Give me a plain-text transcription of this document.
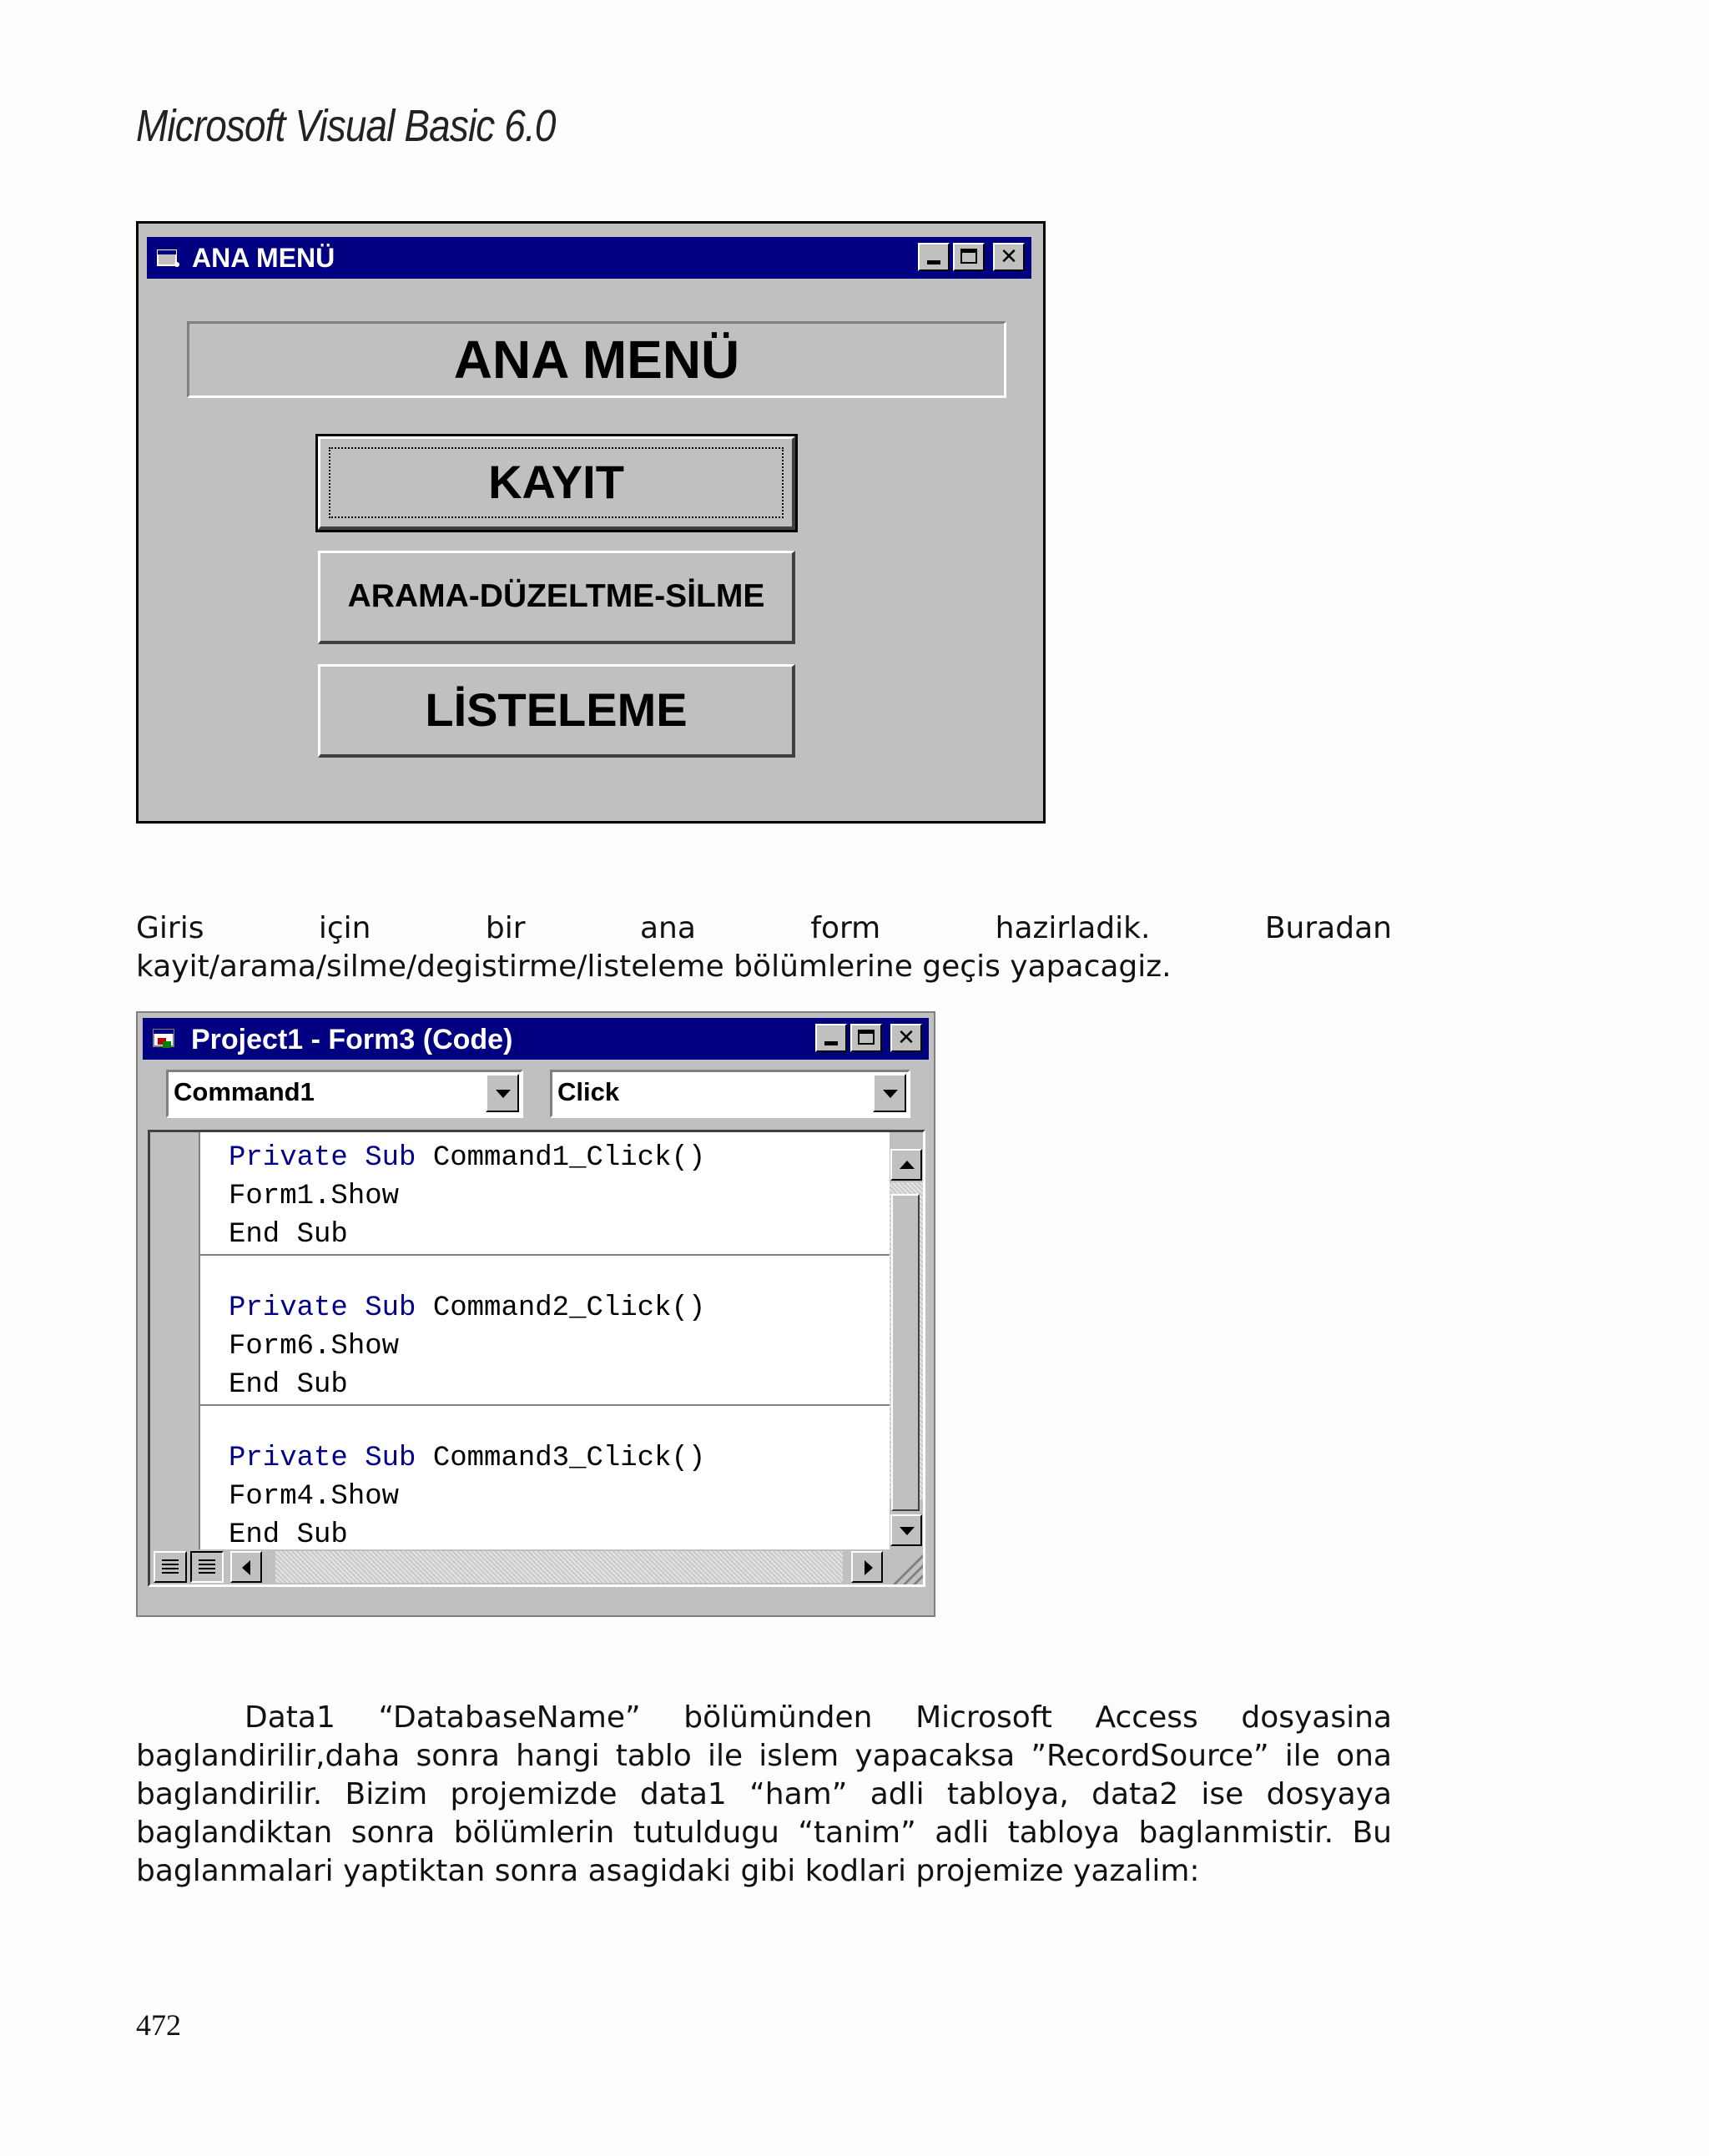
Microsoft Visual Basic 6.0
ANA MENÜ	✕
ANA MENÜ
KAYIT
ARAMA-DÜZELTME-SİLME
LİSTELEME
Giris	için	bir	ana	form	hazirladik.	Buradan
kayit/arama/silme/degistirme/listeleme bölümlerine geçis yapacagiz.
Project1 - Form3 (Code)	✕
Command1	Click
Private Sub Command1_Click()
Form1.Show
End Sub
Private Sub Command2_Click()
Form6.Show
End Sub
Private Sub Command3_Click()
Form4.Show
End Sub
Data1 “DatabaseName” bölümünden Microsoft Access dosyasina baglandirilir,daha sonra hangi tablo ile islem yapacaksa ”RecordSource” ile ona baglandirilir. Bizim projemizde data1 “ham” adli tabloya, data2 ise dosyaya baglandiktan sonra bölümlerin tutuldugu “tanim” adli tabloya baglanmistir. Bu baglanmalari yaptiktan sonra asagidaki gibi kodlari projemize yazalim:
472
